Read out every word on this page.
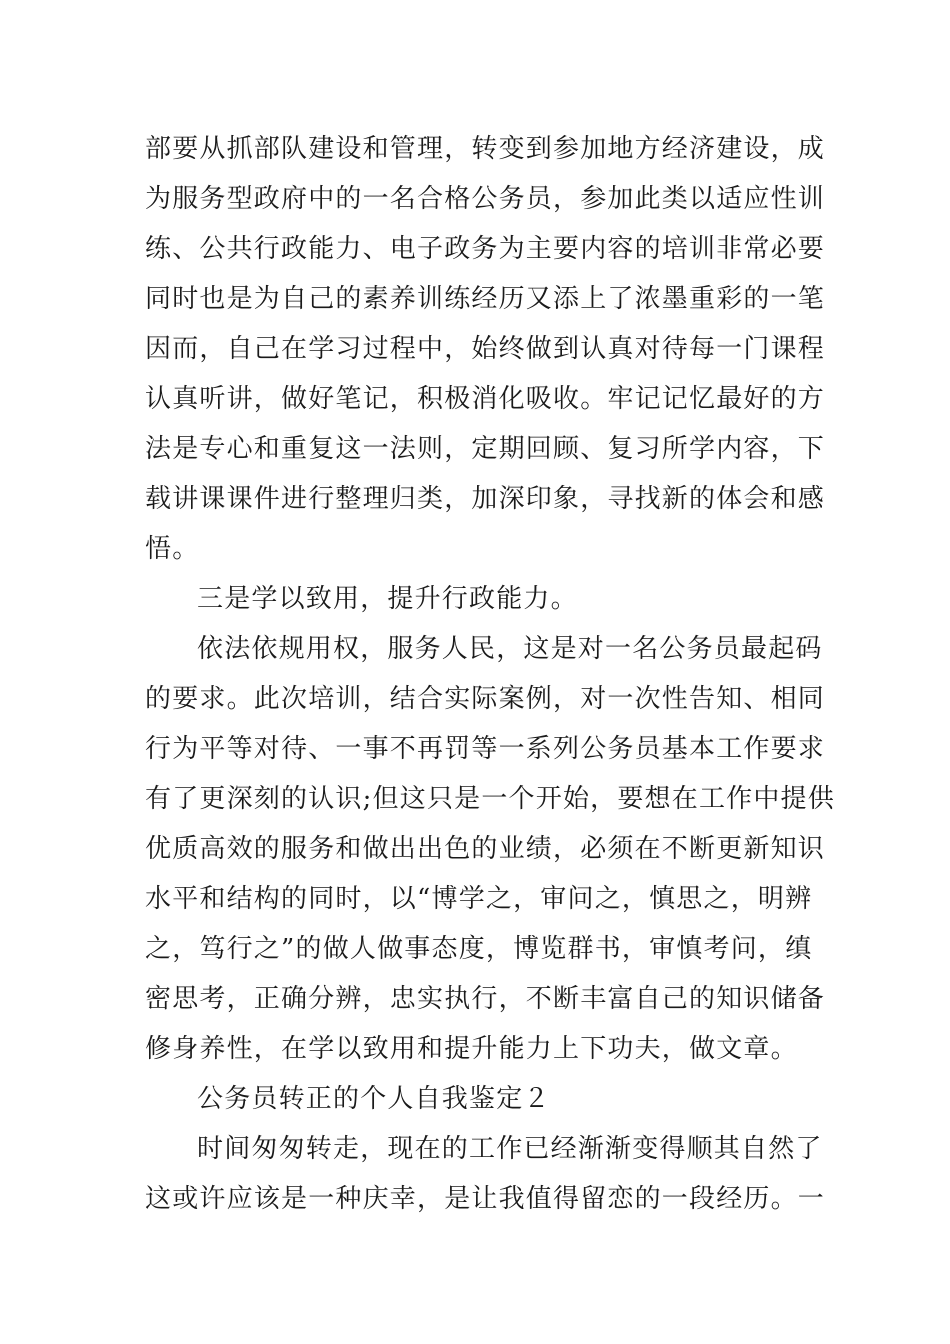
部要从抓部队建设和管理，转变到参加地方经济建设，成
为服务型政府中的一名合格公务员，参加此类以适应性训
练、公共行政能力、电子政务为主要内容的培训非常必要
同时也是为自己的素养训练经历又添上了浓墨重彩的一笔
因而，自己在学习过程中，始终做到认真对待每一门课程
认真听讲，做好笔记，积极消化吸收。牢记记忆最好的方
法是专心和重复这一法则，定期回顾、复习所学内容，下
载讲课课件进行整理归类，加深印象，寻找新的体会和感
悟。
三是学以致用，提升行政能力。
依法依规用权，服务人民，这是对一名公务员最起码
的要求。此次培训，结合实际案例，对一次性告知、相同
行为平等对待、一事不再罚等一系列公务员基本工作要求
有了更深刻的认识;但这只是一个开始，要想在工作中提供
优质高效的服务和做出出色的业绩，必须在不断更新知识
水平和结构的同时，以“博学之，审问之，慎思之，明辨
之，笃行之”的做人做事态度，博览群书，审慎考问，缜
密思考，正确分辨，忠实执行，不断丰富自己的知识储备
修身养性，在学以致用和提升能力上下功夫，做文章。
公务员转正的个人自我鉴定２
时间匆匆转走，现在的工作已经渐渐变得顺其自然了
这或许应该是一种庆幸，是让我值得留恋的一段经历。一
